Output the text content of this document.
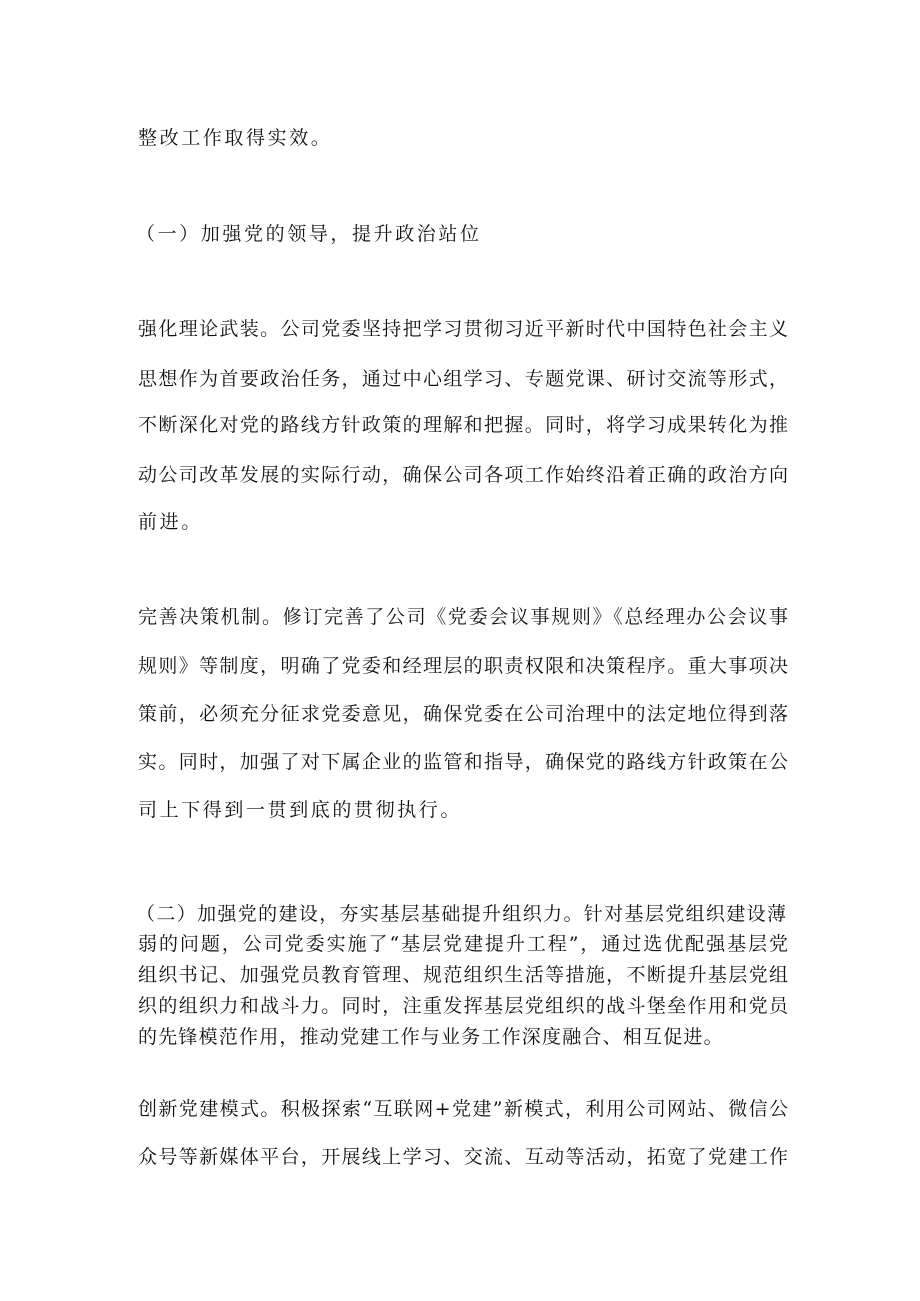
整改工作取得实效。
（一）加强党的领导，提升政治站位
强化理论武装。公司党委坚持把学习贯彻习近平新时代中国特色社会主义
思想作为首要政治任务，通过中心组学习、专题党课、研讨交流等形式，
不断深化对党的路线方针政策的理解和把握。同时，将学习成果转化为推
动公司改革发展的实际行动，确保公司各项工作始终沿着正确的政治方向
前进。
完善决策机制。修订完善了公司《党委会议事规则》《总经理办公会议事
规则》等制度，明确了党委和经理层的职责权限和决策程序。重大事项决
策前，必须充分征求党委意见，确保党委在公司治理中的法定地位得到落
实。同时，加强了对下属企业的监管和指导，确保党的路线方针政策在公
司上下得到一贯到底的贯彻执行。
（二）加强党的建设，夯实基层基础提升组织力。针对基层党组织建设薄
弱的问题，公司党委实施了“基层党建提升工程”，通过选优配强基层党
组织书记、加强党员教育管理、规范组织生活等措施，不断提升基层党组
织的组织力和战斗力。同时，注重发挥基层党组织的战斗堡垒作用和党员
的先锋模范作用，推动党建工作与业务工作深度融合、相互促进。
创新党建模式。积极探索“互联网+党建”新模式，利用公司网站、微信公
众号等新媒体平台，开展线上学习、交流、互动等活动，拓宽了党建工作
